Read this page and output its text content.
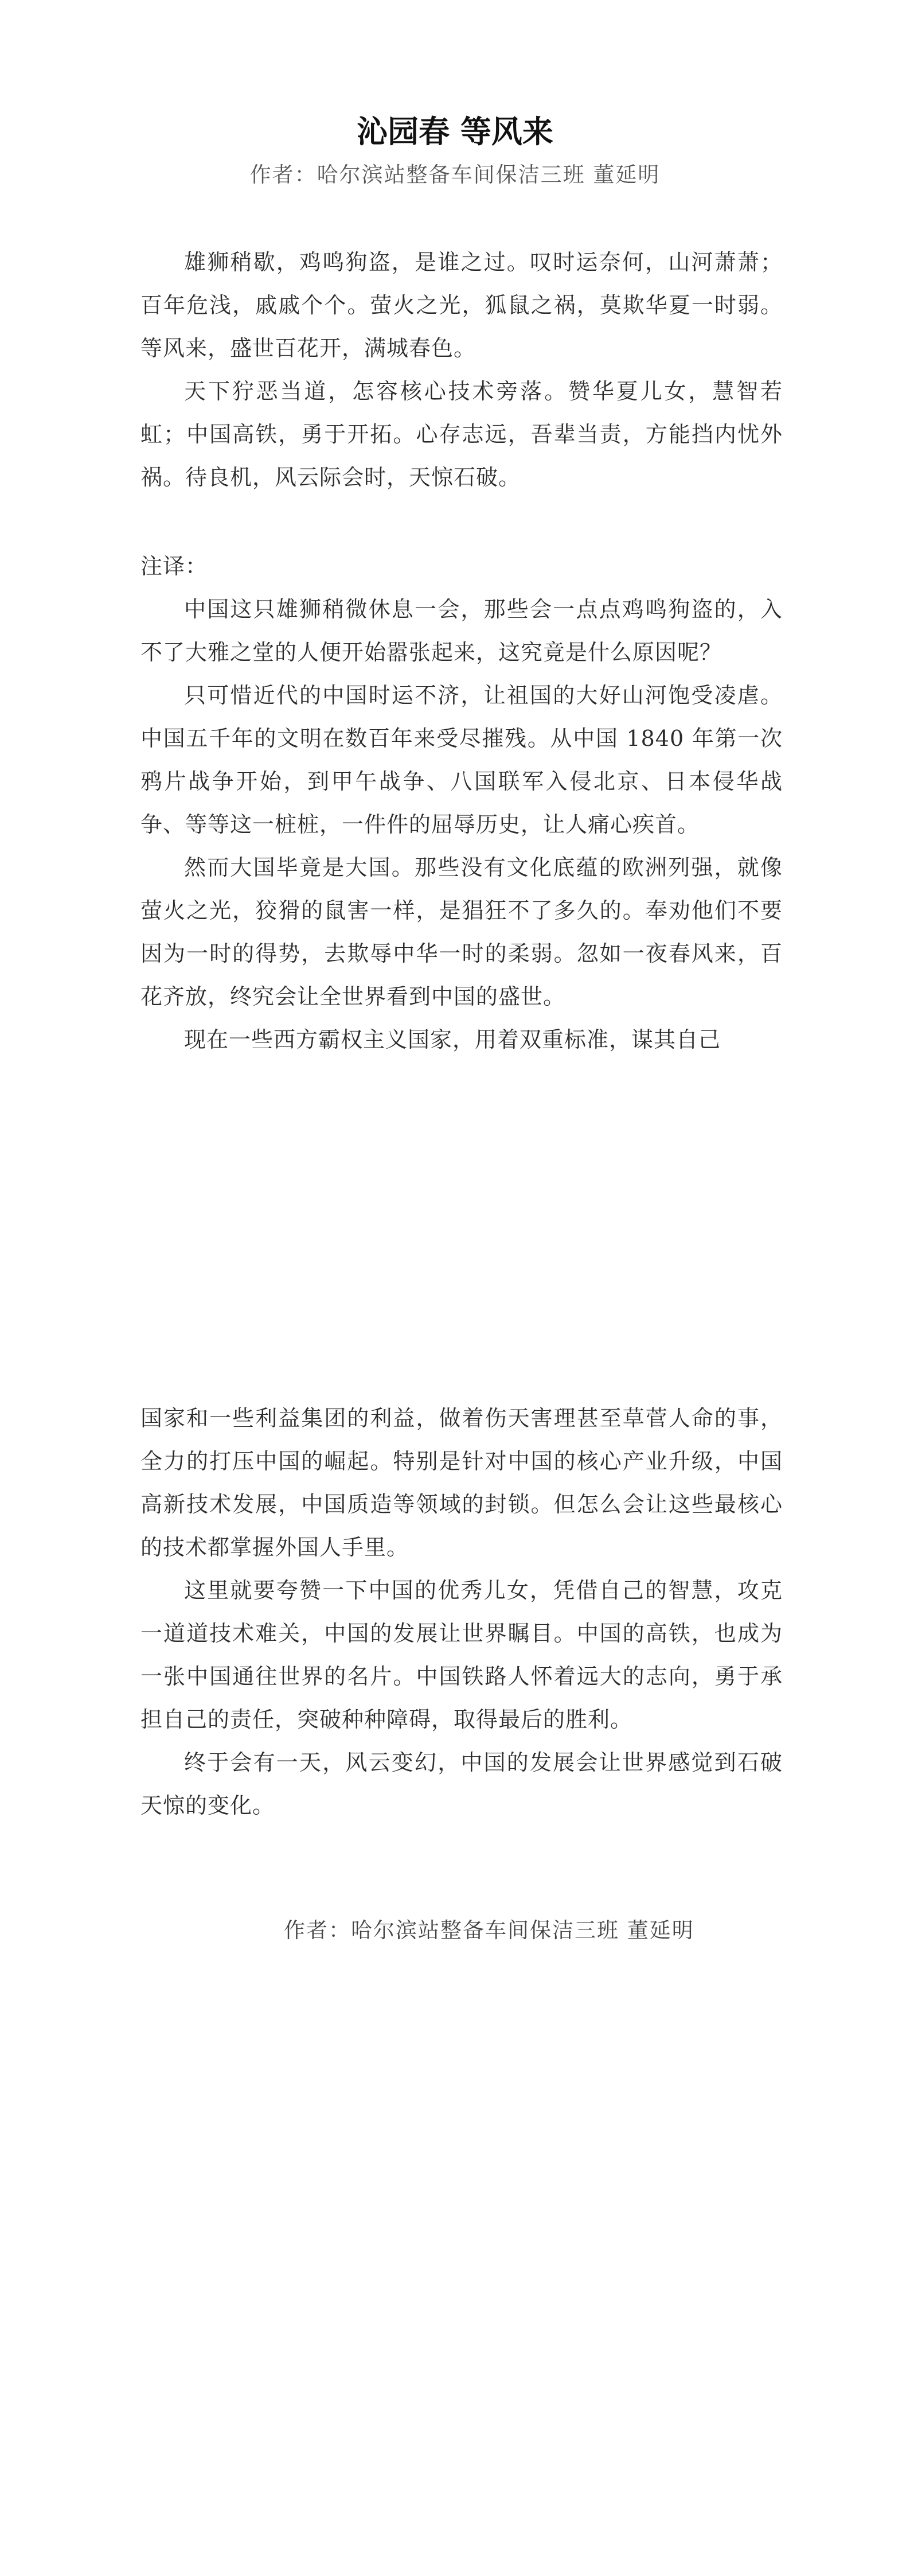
沁园春 等风来

作者：哈尔滨站整备车间保洁三班 董延明

雄狮稍歇，鸡鸣狗盗，是谁之过。叹时运奈何，山河萧萧；百年危浅，戚戚个个。萤火之光，狐鼠之祸，莫欺华夏一时弱。等风来，盛世百花开，满城春色。

天下狞恶当道，怎容核心技术旁落。赞华夏儿女，慧智若虹；中国高铁，勇于开拓。心存志远，吾辈当责，方能挡内忧外祸。待良机，风云际会时，天惊石破。

注译：

中国这只雄狮稍微休息一会，那些会一点点鸡鸣狗盗的，入不了大雅之堂的人便开始嚣张起来，这究竟是什么原因呢？

只可惜近代的中国时运不济，让祖国的大好山河饱受凌虐。中国五千年的文明在数百年来受尽摧残。从中国 1840 年第一次鸦片战争开始，到甲午战争、八国联军入侵北京、日本侵华战争、等等这一桩桩，一件件的屈辱历史，让人痛心疾首。

然而大国毕竟是大国。那些没有文化底蕴的欧洲列强，就像萤火之光，狡猾的鼠害一样，是猖狂不了多久的。奉劝他们不要因为一时的得势，去欺辱中华一时的柔弱。忽如一夜春风来，百花齐放，终究会让全世界看到中国的盛世。

现在一些西方霸权主义国家，用着双重标准，谋其自己

国家和一些利益集团的利益，做着伤天害理甚至草菅人命的事，全力的打压中国的崛起。特别是针对中国的核心产业升级，中国高新技术发展，中国质造等领域的封锁。但怎么会让这些最核心的技术都掌握外国人手里。

这里就要夸赞一下中国的优秀儿女，凭借自己的智慧，攻克一道道技术难关，中国的发展让世界瞩目。中国的高铁，也成为一张中国通往世界的名片。中国铁路人怀着远大的志向，勇于承担自己的责任，突破种种障碍，取得最后的胜利。

终于会有一天，风云变幻，中国的发展会让世界感觉到石破天惊的变化。

作者：哈尔滨站整备车间保洁三班 董延明
